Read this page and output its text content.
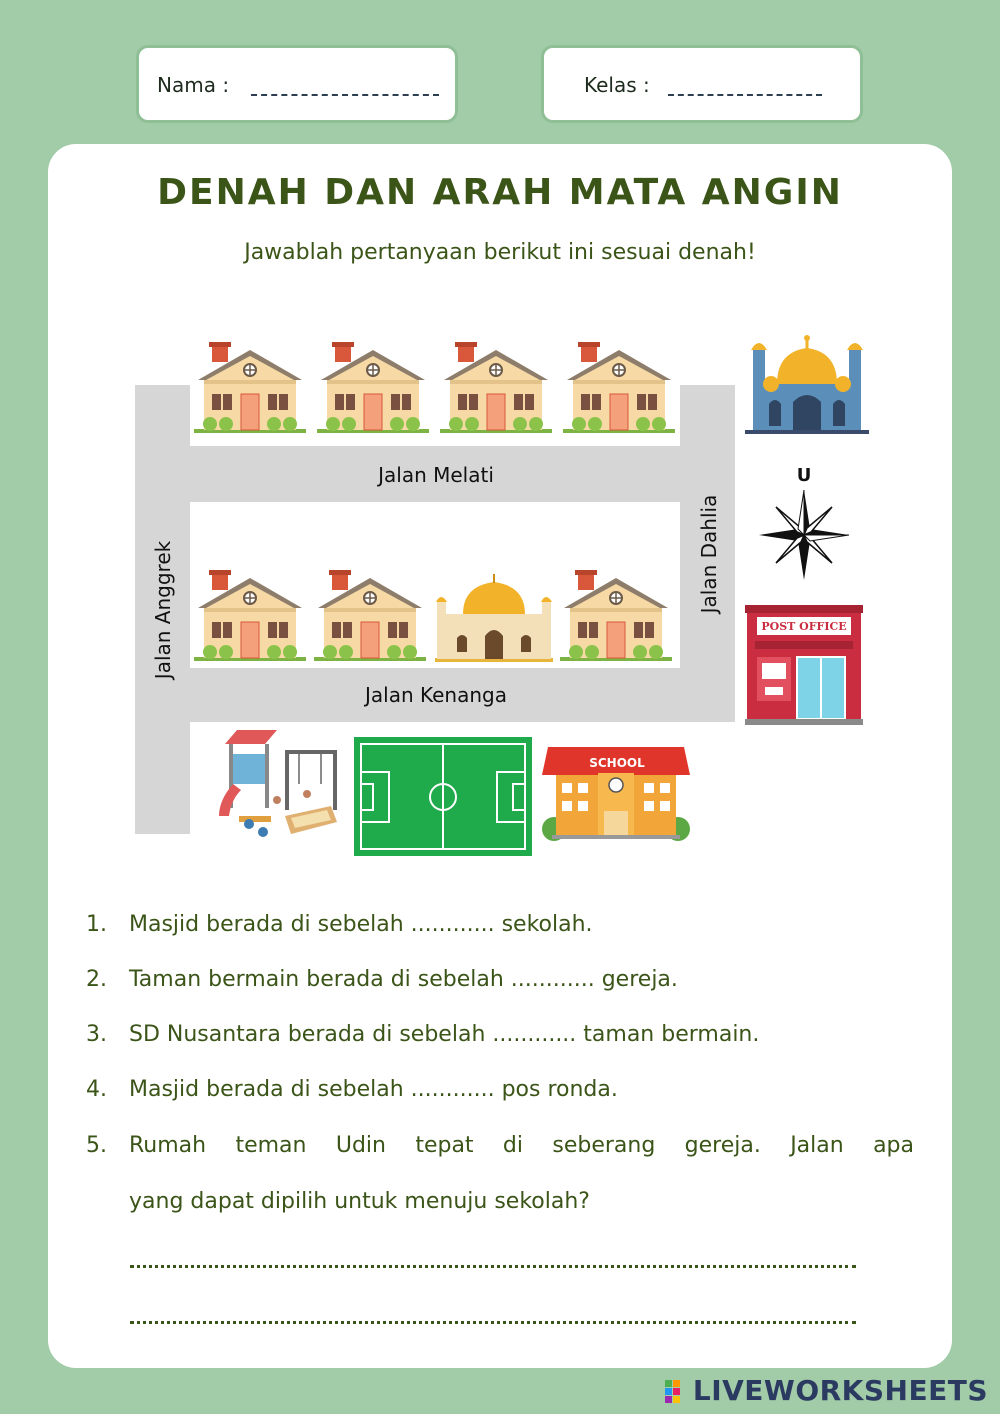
Nama :	Kelas :
DENAH DAN ARAH MATA ANGIN
Jawablah pertanyaan berikut ini sesuai denah!
U
POST OFFICE
SCHOOL
Jalan Melati
Jalan Kenanga
Jalan Anggrek	Jalan Dahlia
1.	Masjid berada di sebelah ............ sekolah.
2.	Taman bermain berada di sebelah ............ gereja.
3.	SD Nusantara berada di sebelah ............ taman bermain.
4.	Masjid berada di sebelah ............ pos ronda.
5.	Rumah teman Udin tepat di seberang gereja. Jalan apa
yang dapat dipilih untuk menuju sekolah?
LIVEWORKSHEETS
